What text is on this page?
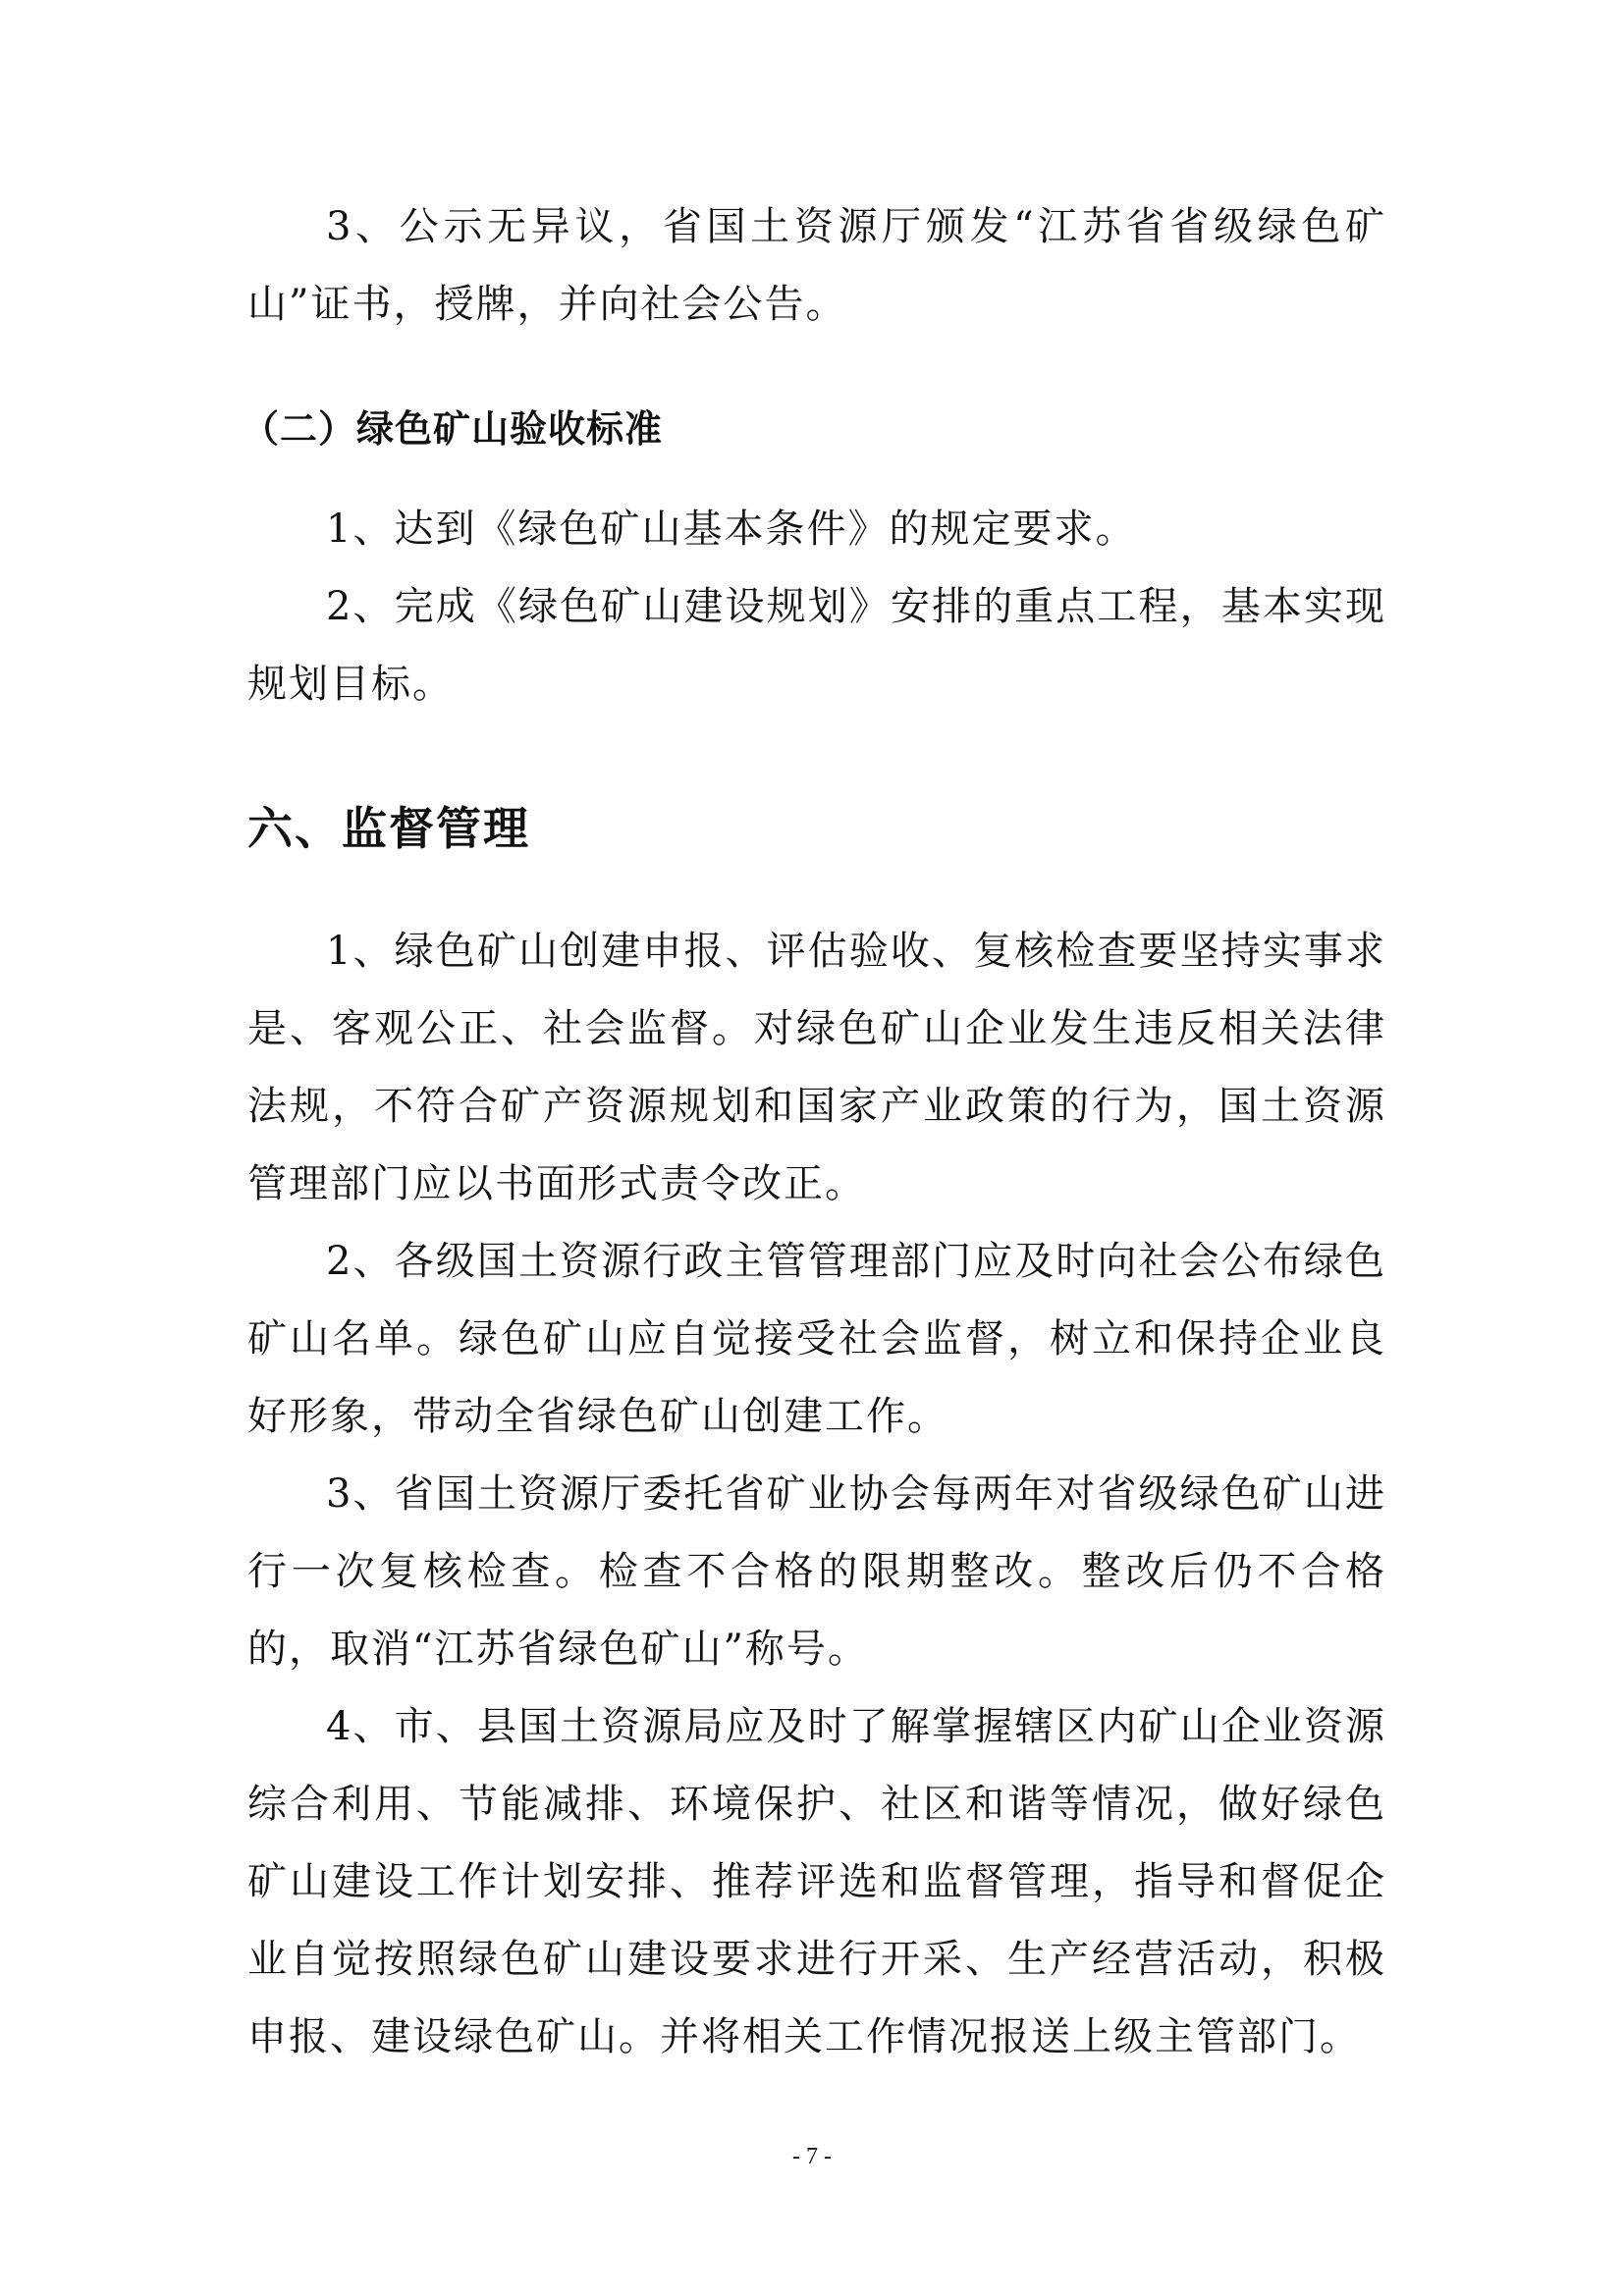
3、公示无异议，省国土资源厅颁发“江苏省省级绿色矿山”证书，授牌，并向社会公告。

（二）绿色矿山验收标准

1、达到《绿色矿山基本条件》的规定要求。

2、完成《绿色矿山建设规划》安排的重点工程，基本实现规划目标。

六、监督管理

1、绿色矿山创建申报、评估验收、复核检查要坚持实事求是、客观公正、社会监督。对绿色矿山企业发生违反相关法律法规，不符合矿产资源规划和国家产业政策的行为，国土资源管理部门应以书面形式责令改正。

2、各级国土资源行政主管管理部门应及时向社会公布绿色矿山名单。绿色矿山应自觉接受社会监督，树立和保持企业良好形象，带动全省绿色矿山创建工作。

3、省国土资源厅委托省矿业协会每两年对省级绿色矿山进行一次复核检查。检查不合格的限期整改。整改后仍不合格的，取消“江苏省绿色矿山”称号。

4、市、县国土资源局应及时了解掌握辖区内矿山企业资源综合利用、节能减排、环境保护、社区和谐等情况，做好绿色矿山建设工作计划安排、推荐评选和监督管理，指导和督促企业自觉按照绿色矿山建设要求进行开采、生产经营活动，积极申报、建设绿色矿山。并将相关工作情况报送上级主管部门。

- 7 -
